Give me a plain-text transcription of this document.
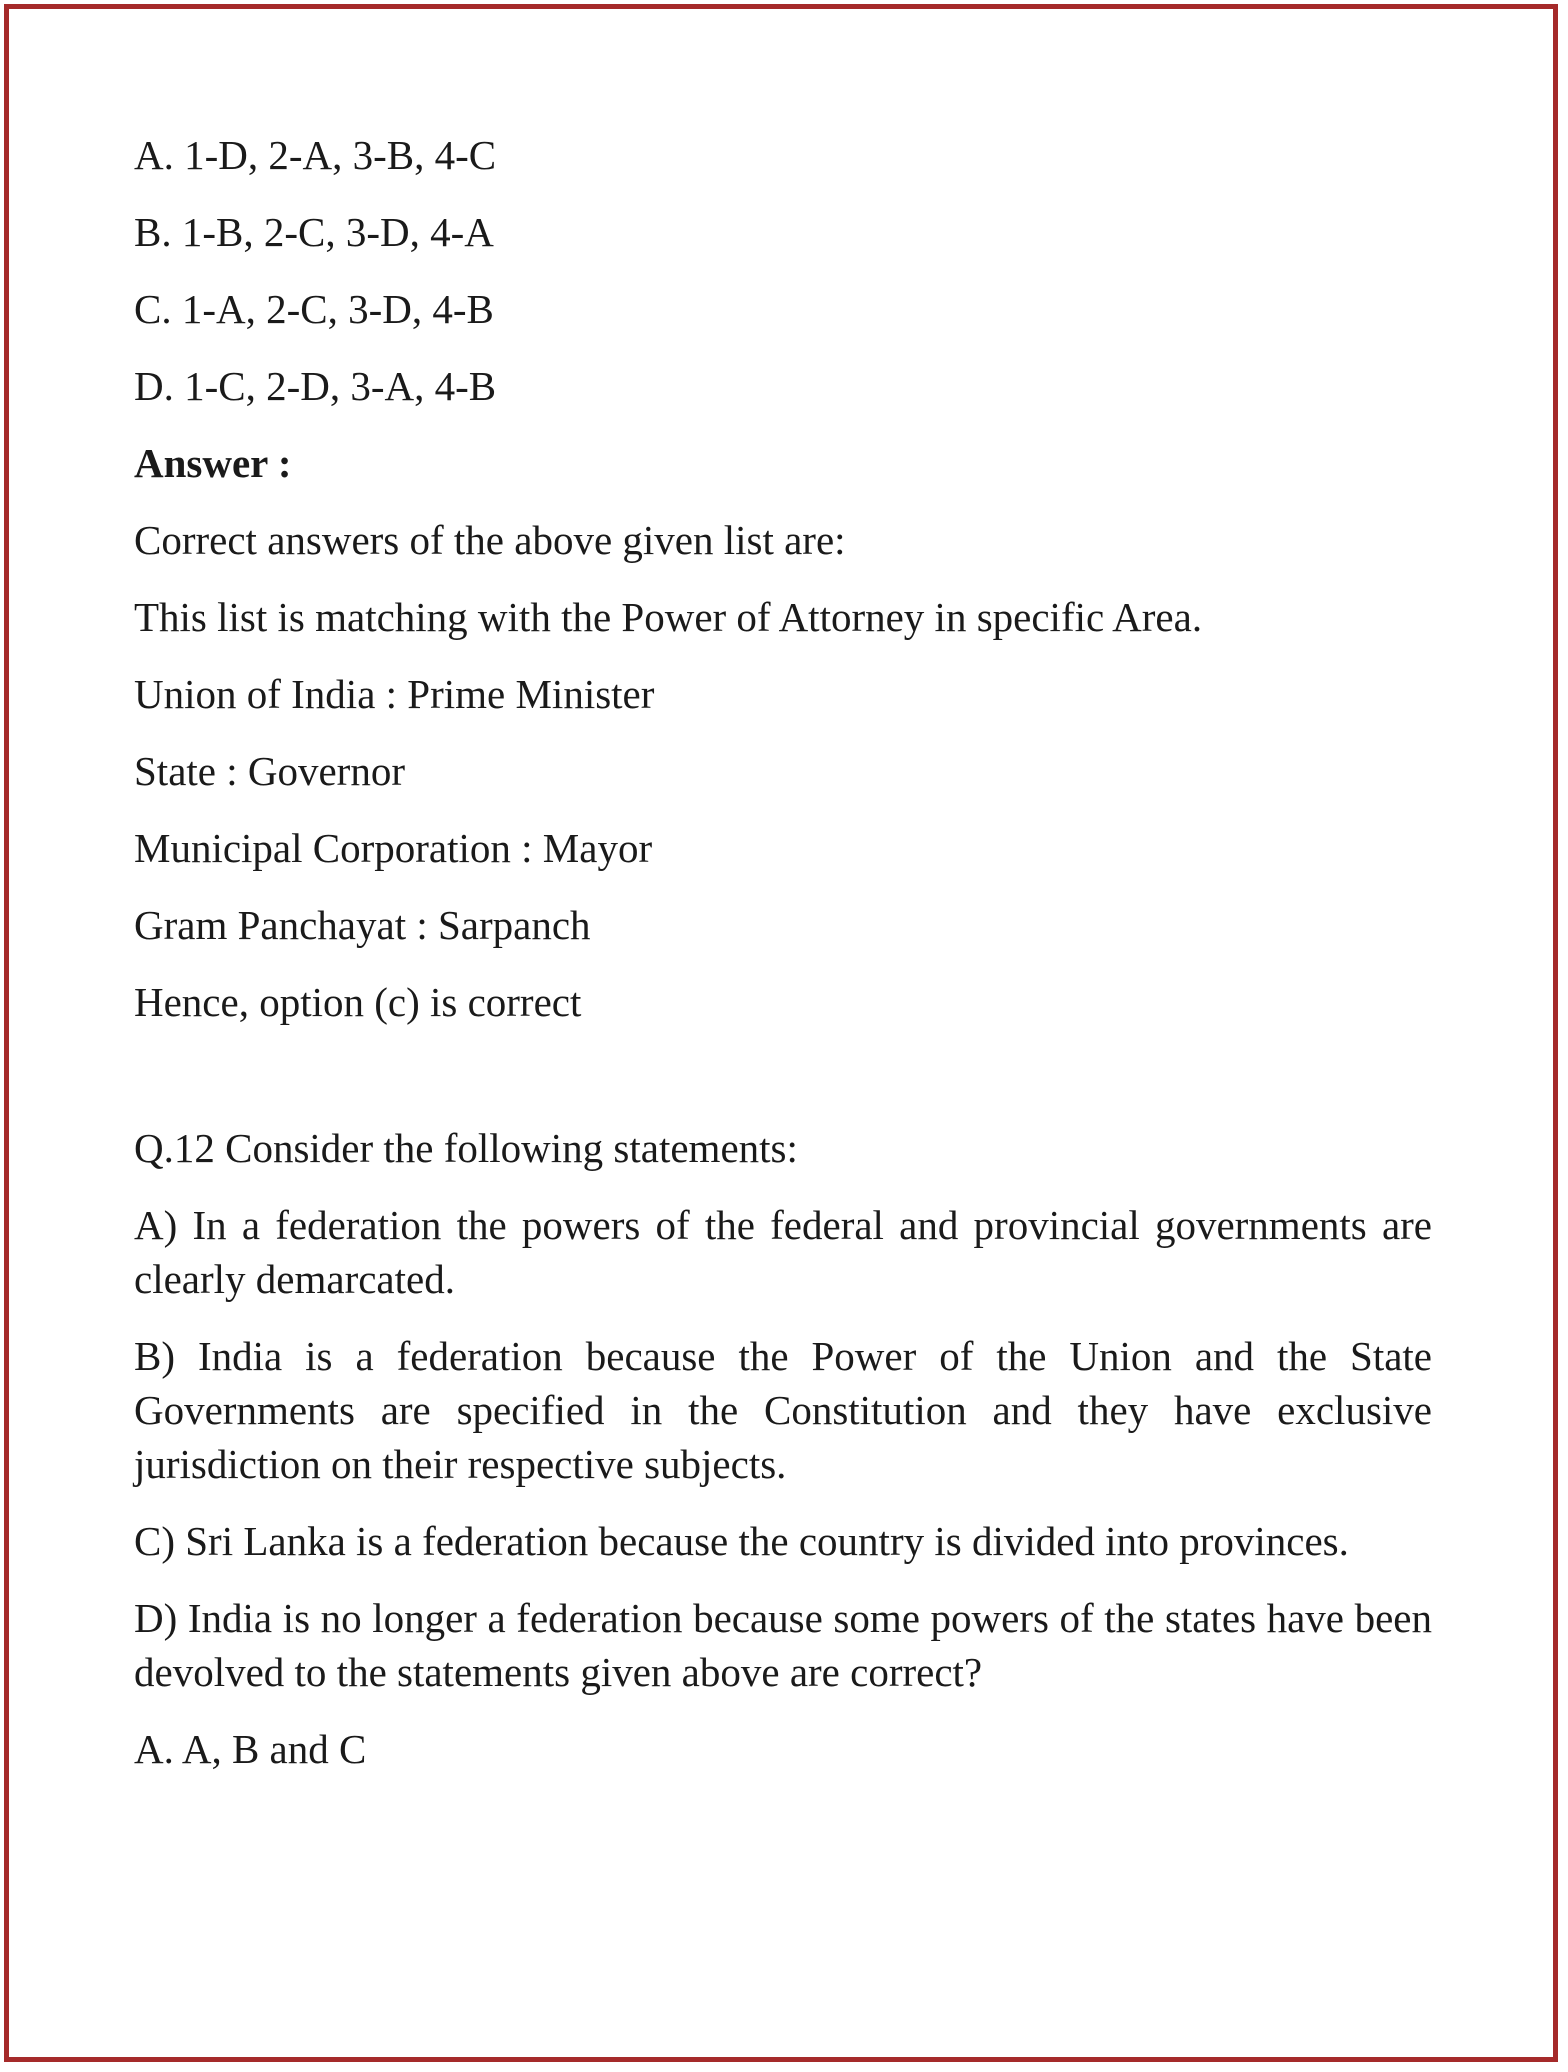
A. 1-D, 2-A, 3-B, 4-C

B. 1-B, 2-C, 3-D, 4-A

C. 1-A, 2-C, 3-D, 4-B

D. 1-C, 2-D, 3-A, 4-B

Answer :

Correct answers of the above given list are:

This list is matching with the Power of Attorney in specific Area.

Union of India : Prime Minister

State : Governor

Municipal Corporation : Mayor

Gram Panchayat : Sarpanch

Hence, option (c) is correct

Q.12 Consider the following statements:

A) In a federation the powers of the federal and provincial governments are clearly demarcated.

B) India is a federation because the Power of the Union and the State Governments are specified in the Constitution and they have exclusive jurisdiction on their respective subjects.

C) Sri Lanka is a federation because the country is divided into provinces.

D) India is no longer a federation because some powers of the states have been devolved to the statements given above are correct?

A. A, B and C
